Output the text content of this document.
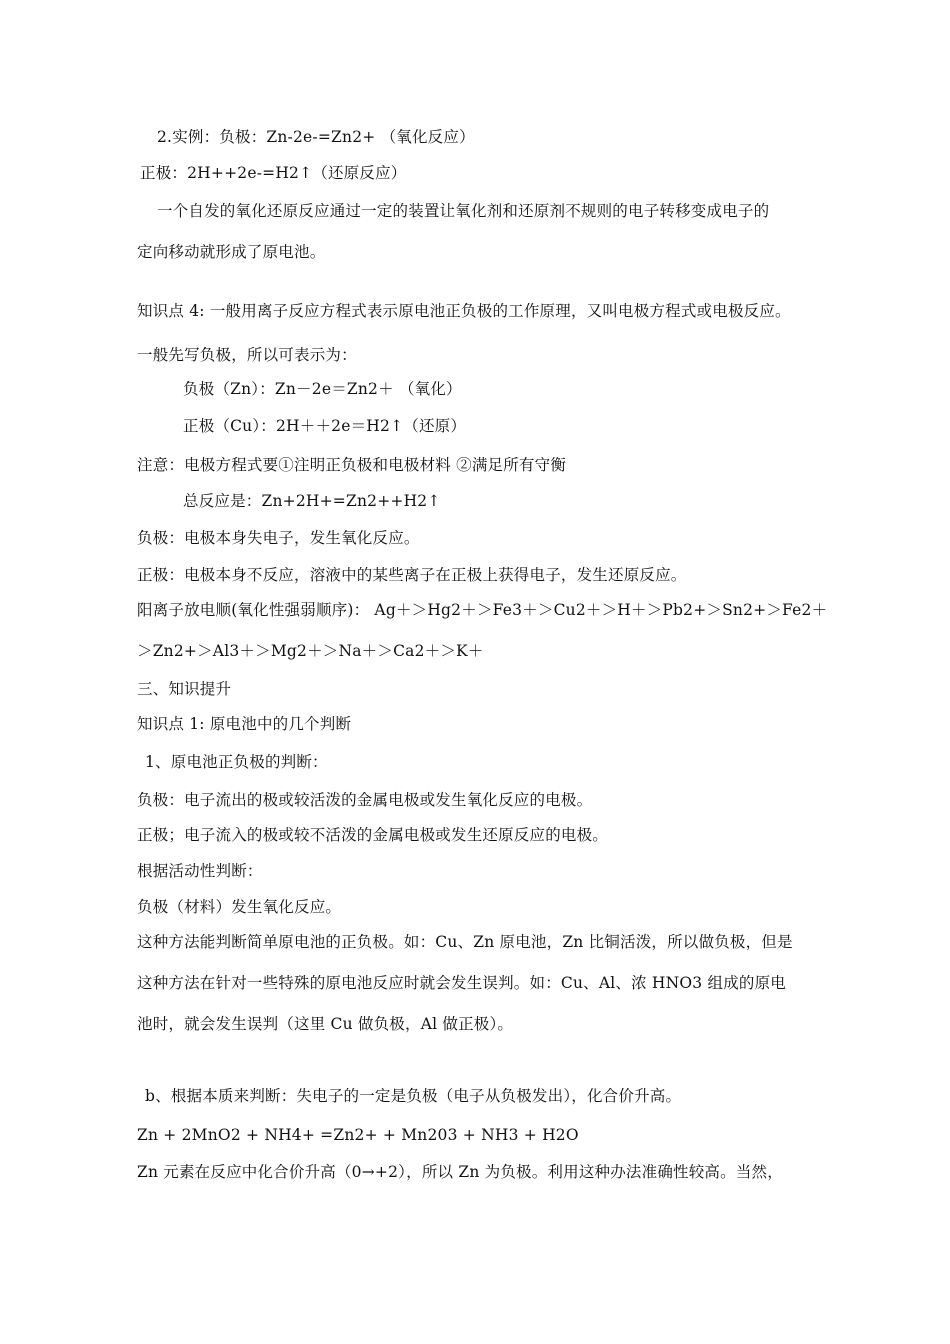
2.实例：负极：Zn-2e-=Zn2+ （氧化反应）
正极：2H++2e-=H2↑（还原反应）
一个自发的氧化还原反应通过一定的装置让氧化剂和还原剂不规则的电子转移变成电子的
定向移动就形成了原电池。
知识点 4: 一般用离子反应方程式表示原电池正负极的工作原理，又叫电极方程式或电极反应。
一般先写负极，所以可表示为：
负极（Zn）：Zn－2e＝Zn2＋ （氧化）
正极（Cu）：2H＋＋2e＝H2↑（还原）
注意：电极方程式要①注明正负极和电极材料 ②满足所有守衡
总反应是：Zn+2H+=Zn2++H2↑
负极：电极本身失电子，发生氧化反应。
正极：电极本身不反应，溶液中的某些离子在正极上获得电子，发生还原反应。
阳离子放电顺(氧化性强弱顺序)： Ag＋＞Hg2＋＞Fe3＋＞Cu2＋＞H＋＞Pb2+＞Sn2+＞Fe2＋
＞Zn2+＞Al3＋＞Mg2＋＞Na＋＞Ca2＋＞K＋
三、知识提升
知识点 1: 原电池中的几个判断
1、原电池正负极的判断：
负极：电子流出的极或较活泼的金属电极或发生氧化反应的电极。
正极；电子流入的极或较不活泼的金属电极或发生还原反应的电极。
根据活动性判断：
负极（材料）发生氧化反应。
这种方法能判断简单原电池的正负极。如：Cu、Zn 原电池，Zn 比铜活泼，所以做负极，但是
这种方法在针对一些特殊的原电池反应时就会发生误判。如：Cu、Al、浓 HNO3 组成的原电
池时，就会发生误判（这里 Cu 做负极，Al 做正极）。
b、根据本质来判断：失电子的一定是负极（电子从负极发出），化合价升高。
Zn + 2MnO2 + NH4+ =Zn2+ + Mn203 + NH3 + H2O
Zn 元素在反应中化合价升高（0→+2），所以 Zn 为负极。利用这种办法准确性较高。当然，
